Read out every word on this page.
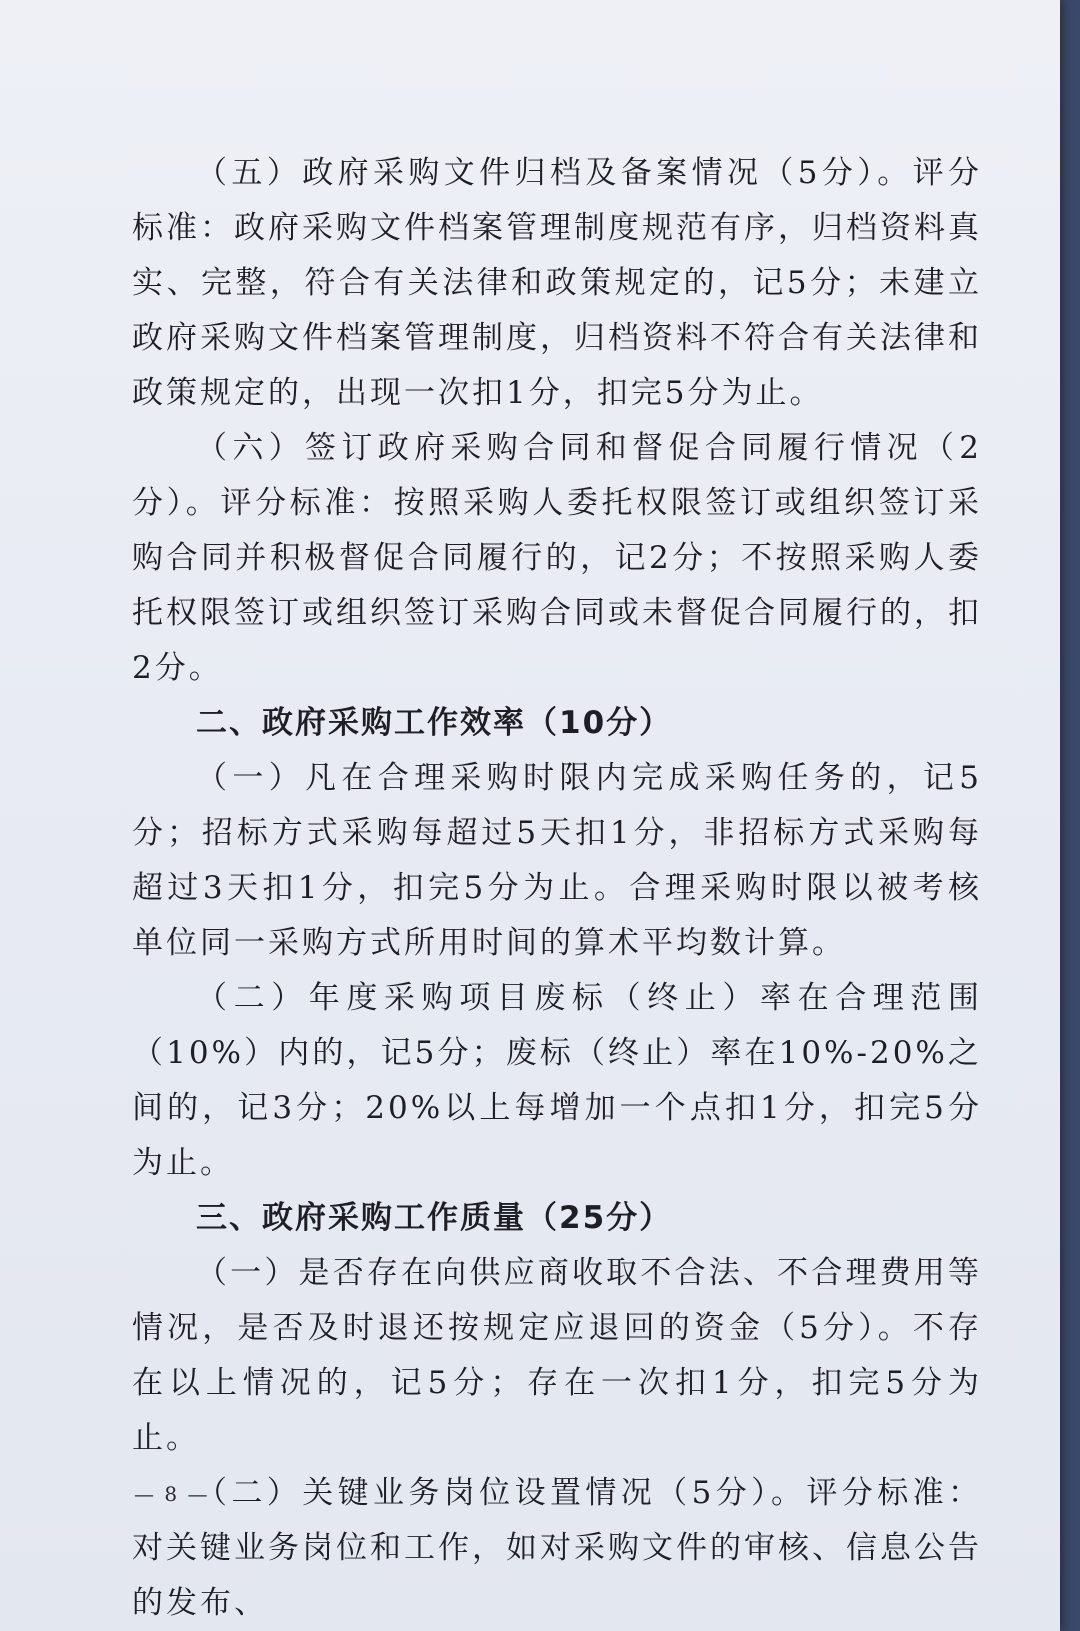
（五）政府采购文件归档及备案情况（5分）。评分标准：政府采购文件档案管理制度规范有序，归档资料真实、完整，符合有关法律和政策规定的，记5分；未建立政府采购文件档案管理制度，归档资料不符合有关法律和政策规定的，出现一次扣1分，扣完5分为止。

（六）签订政府采购合同和督促合同履行情况（2分）。评分标准：按照采购人委托权限签订或组织签订采购合同并积极督促合同履行的，记2分；不按照采购人委托权限签订或组织签订采购合同或未督促合同履行的，扣2分。

二、政府采购工作效率（10分）

（一）凡在合理采购时限内完成采购任务的，记5分；招标方式采购每超过5天扣1分，非招标方式采购每超过3天扣1分，扣完5分为止。合理采购时限以被考核单位同一采购方式所用时间的算术平均数计算。

（二）年度采购项目废标（终止）率在合理范围（10%）内的，记5分；废标（终止）率在10%-20%之间的，记3分；20%以上每增加一个点扣1分，扣完5分为止。

三、政府采购工作质量（25分）

（一）是否存在向供应商收取不合法、不合理费用等情况，是否及时退还按规定应退回的资金（5分）。不存在以上情况的，记5分；存在一次扣1分，扣完5分为止。

（二）关键业务岗位设置情况（5分）。评分标准：对关键业务岗位和工作，如对采购文件的审核、信息公告的发布、

— 8 —
